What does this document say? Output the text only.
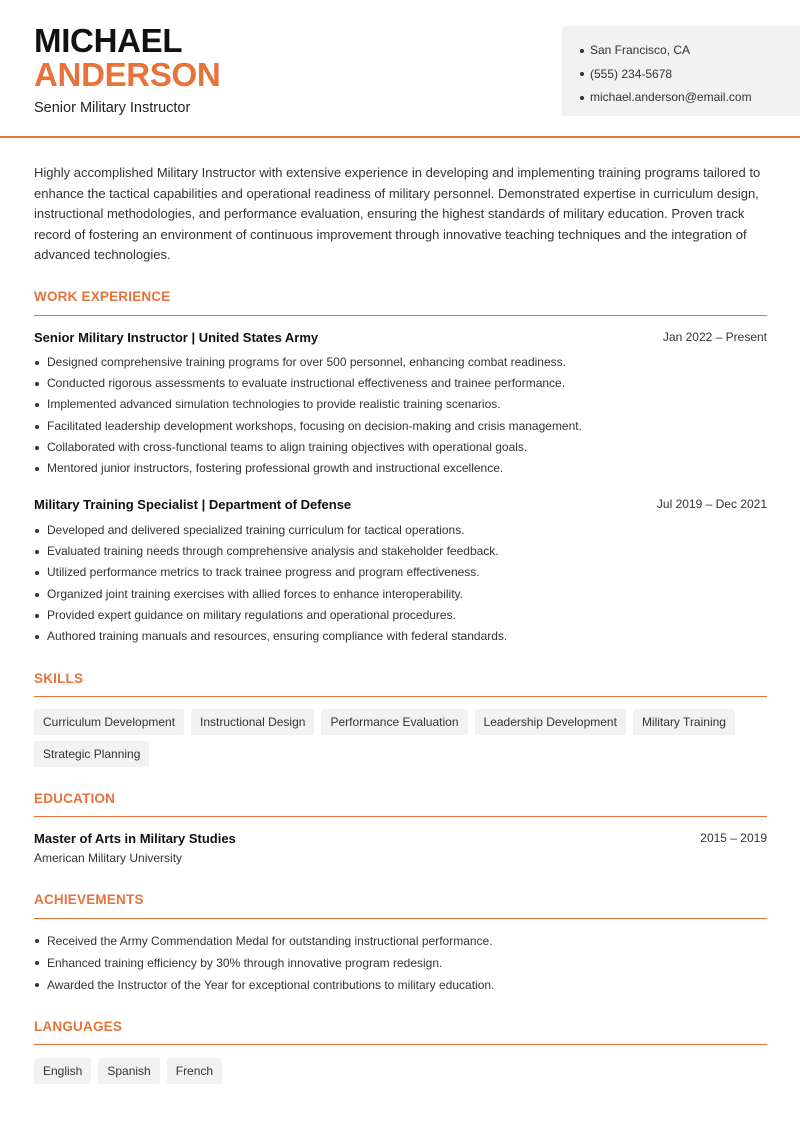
MICHAEL
ANDERSON
Senior Military Instructor
San Francisco, CA
(555) 234-5678
michael.anderson@email.com

Highly accomplished Military Instructor with extensive experience in developing and implementing training programs tailored to enhance the tactical capabilities and operational readiness of military personnel. Demonstrated expertise in curriculum design, instructional methodologies, and performance evaluation, ensuring the highest standards of military education. Proven track record of fostering an environment of continuous improvement through innovative teaching techniques and the integration of advanced technologies.

WORK EXPERIENCE
Senior Military Instructor | United States Army	Jan 2022 – Present
Designed comprehensive training programs for over 500 personnel, enhancing combat readiness.
Conducted rigorous assessments to evaluate instructional effectiveness and trainee performance.
Implemented advanced simulation technologies to provide realistic training scenarios.
Facilitated leadership development workshops, focusing on decision-making and crisis management.
Collaborated with cross-functional teams to align training objectives with operational goals.
Mentored junior instructors, fostering professional growth and instructional excellence.
Military Training Specialist | Department of Defense	Jul 2019 – Dec 2021
Developed and delivered specialized training curriculum for tactical operations.
Evaluated training needs through comprehensive analysis and stakeholder feedback.
Utilized performance metrics to track trainee progress and program effectiveness.
Organized joint training exercises with allied forces to enhance interoperability.
Provided expert guidance on military regulations and operational procedures.
Authored training manuals and resources, ensuring compliance with federal standards.
SKILLS
Curriculum Development	Instructional Design	Performance Evaluation	Leadership Development	Military Training
Strategic Planning
EDUCATION
Master of Arts in Military Studies	2015 – 2019
American Military University
ACHIEVEMENTS
Received the Army Commendation Medal for outstanding instructional performance.
Enhanced training efficiency by 30% through innovative program redesign.
Awarded the Instructor of the Year for exceptional contributions to military education.
LANGUAGES
English	Spanish	French
